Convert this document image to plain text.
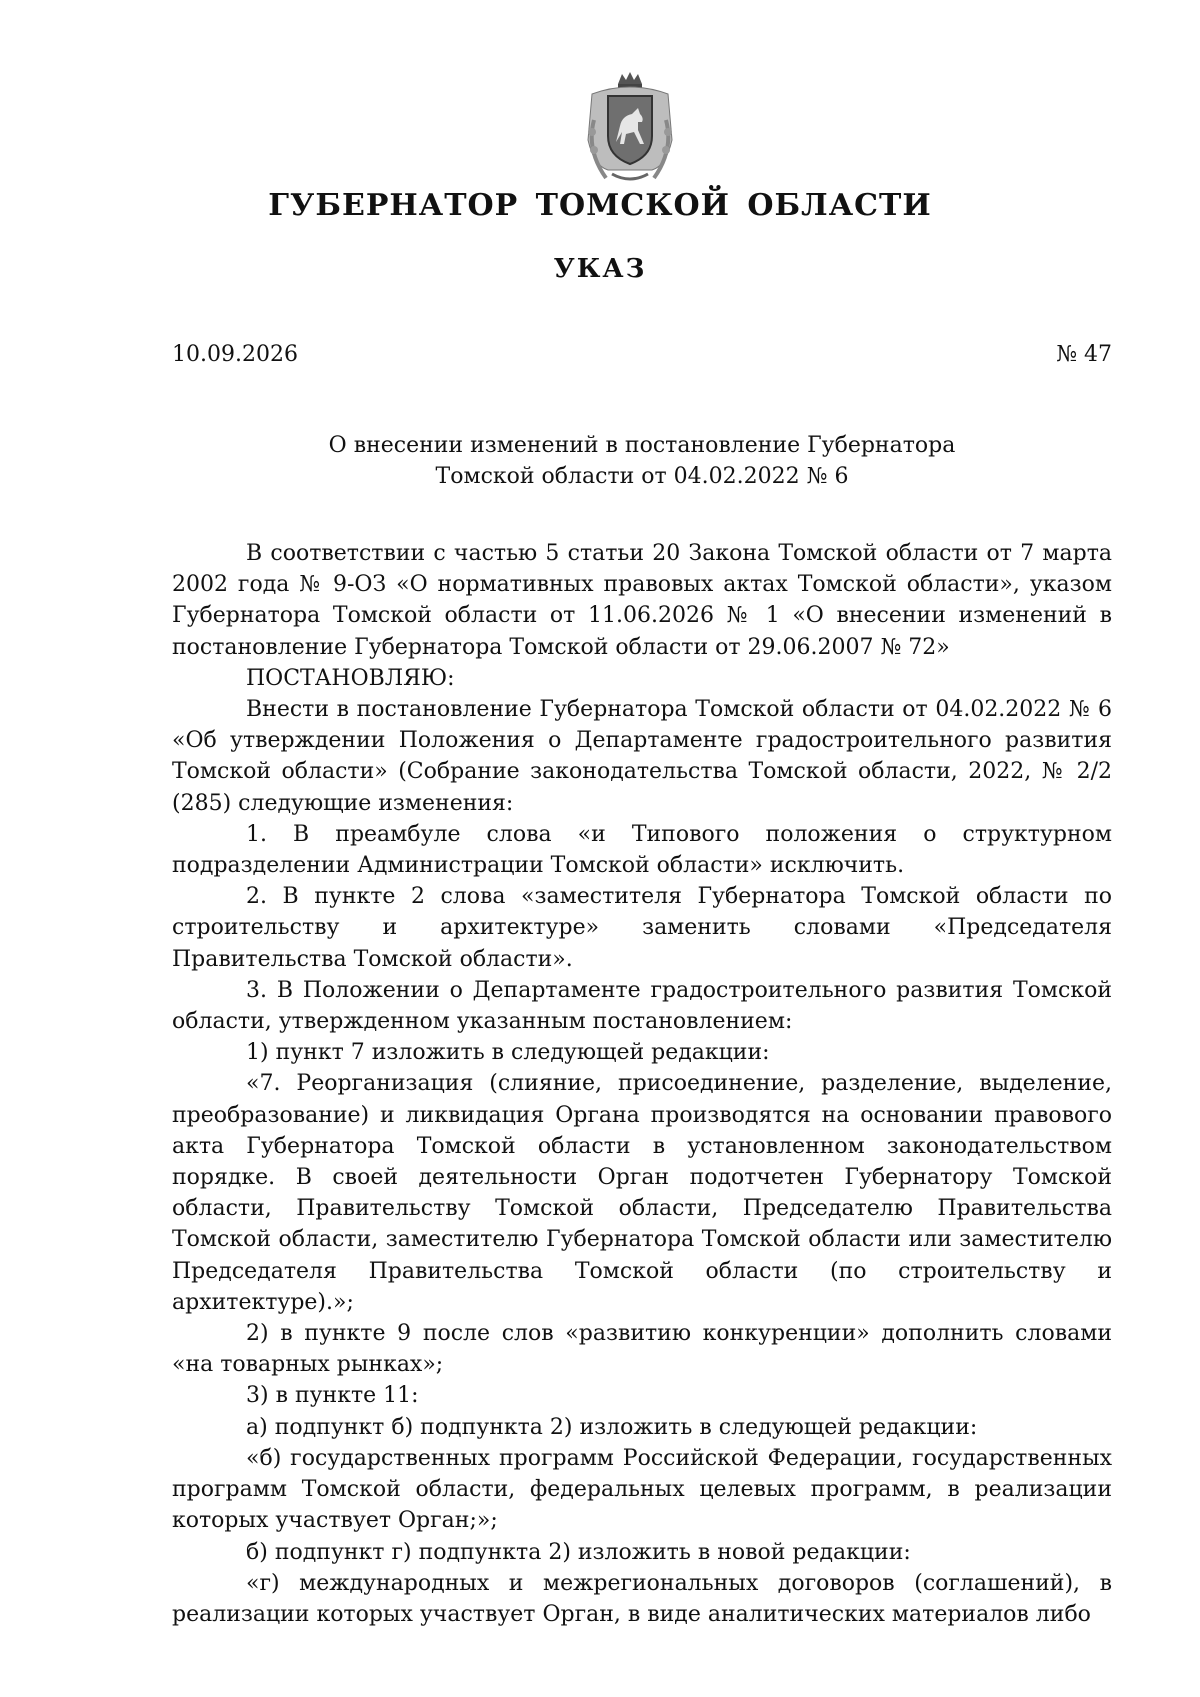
ГУБЕРНАТОР ТОМСКОЙ ОБЛАСТИ
УКАЗ
10.09.2026	№ 47
О внесении изменений в постановление Губернатора
Томской области от 04.02.2022 № 6

В соответствии с частью 5 статьи 20 Закона Томской области от 7 марта 2002 года № 9-ОЗ «О нормативных правовых актах Томской области», указом Губернатора Томской области от 11.06.2026 № 1 «О внесении изменений в постановление Губернатора Томской области от 29.06.2007 № 72»

ПОСТАНОВЛЯЮ:

Внести в постановление Губернатора Томской области от 04.02.2022 № 6 «Об утверждении Положения о Департаменте градостроительного развития Томской области» (Собрание законодательства Томской области, 2022, № 2/2 (285) следующие изменения:

1. В преамбуле слова «и Типового положения о структурном подразделении Администрации Томской области» исключить.

2. В пункте 2 слова «заместителя Губернатора Томской области по строительству и архитектуре» заменить словами «Председателя Правительства Томской области».

3. В Положении о Департаменте градостроительного развития Томской области, утвержденном указанным постановлением:

1) пункт 7 изложить в следующей редакции:

«7. Реорганизация (слияние, присоединение, разделение, выделение, преобразование) и ликвидация Органа производятся на основании правового акта Губернатора Томской области в установленном законодательством порядке. В своей деятельности Орган подотчетен Губернатору Томской области, Правительству Томской области, Председателю Правительства Томской области, заместителю Губернатора Томской области или заместителю Председателя Правительства Томской области (по строительству и архитектуре).»;

2) в пункте 9 после слов «развитию конкуренции» дополнить словами «на товарных рынках»;

3) в пункте 11:

а) подпункт б) подпункта 2) изложить в следующей редакции:

«б) государственных программ Российской Федерации, государственных программ Томской области, федеральных целевых программ, в реализации которых участвует Орган;»;

б) подпункт г) подпункта 2) изложить в новой редакции:

«г) международных и межрегиональных договоров (соглашений), в реализации которых участвует Орган, в виде аналитических материалов либо
